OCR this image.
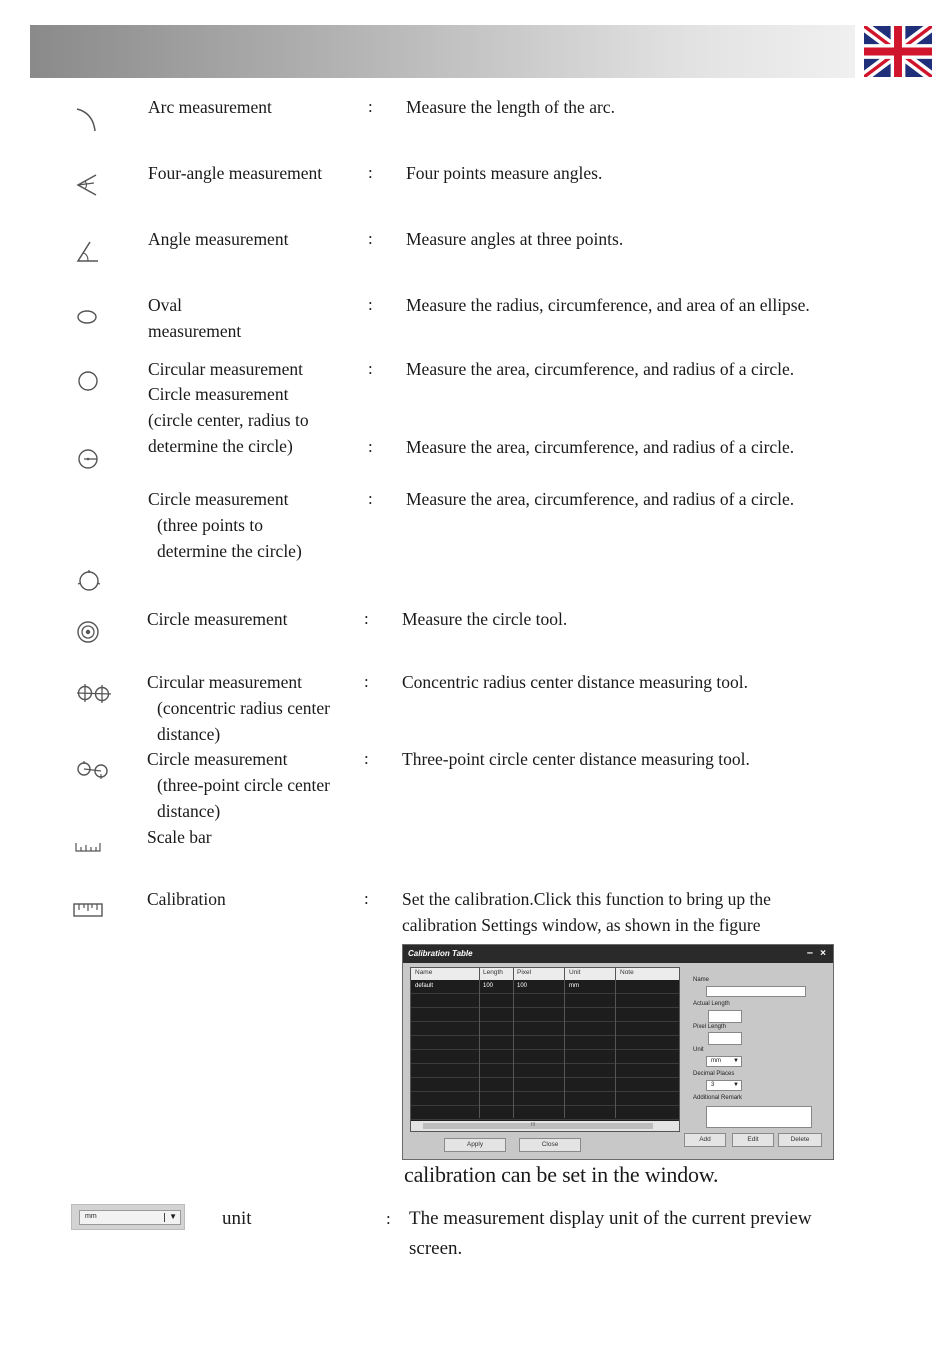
Arc measurement	: Measure the length of the arc.
Four-angle measurement	: Four points measure angles.
Angle measurement	: Measure angles at three points.
Oval
measurement
: Measure the radius, circumference, and area of an ellipse.
Circular measurement	: Measure the area, circumference, and radius of a circle.
Circle measurement
(circle center, radius to
determine the circle)	: Measure the area, circumference, and radius of a circle.
Circle measurement
(three points to
determine the circle)
: Measure the area, circumference, and radius of a circle.
Circle measurement	: Measure the circle tool.
Circular measurement
(concentric radius center
distance)
: Concentric radius center distance measuring tool.
Circle measurement
(three-point circle center
distance)
: Three-point circle center distance measuring tool.
Scale bar
Calibration	: Set the calibration.Click this function to bring up the
calibration Settings window, as shown in the figure
Calibration Table	– ×
Name	Length Pixel	Unit	Note
default	100	100	mm
III
Name
Actual Length
Pixel Length
Unit
mm ▼
Decimal Places
3	▼
Additional Remark
Apply	Close
Add	Edit	Delete
calibration can be set in the window.
mm	▼ unit	: The measurement display unit of the current preview
screen.
